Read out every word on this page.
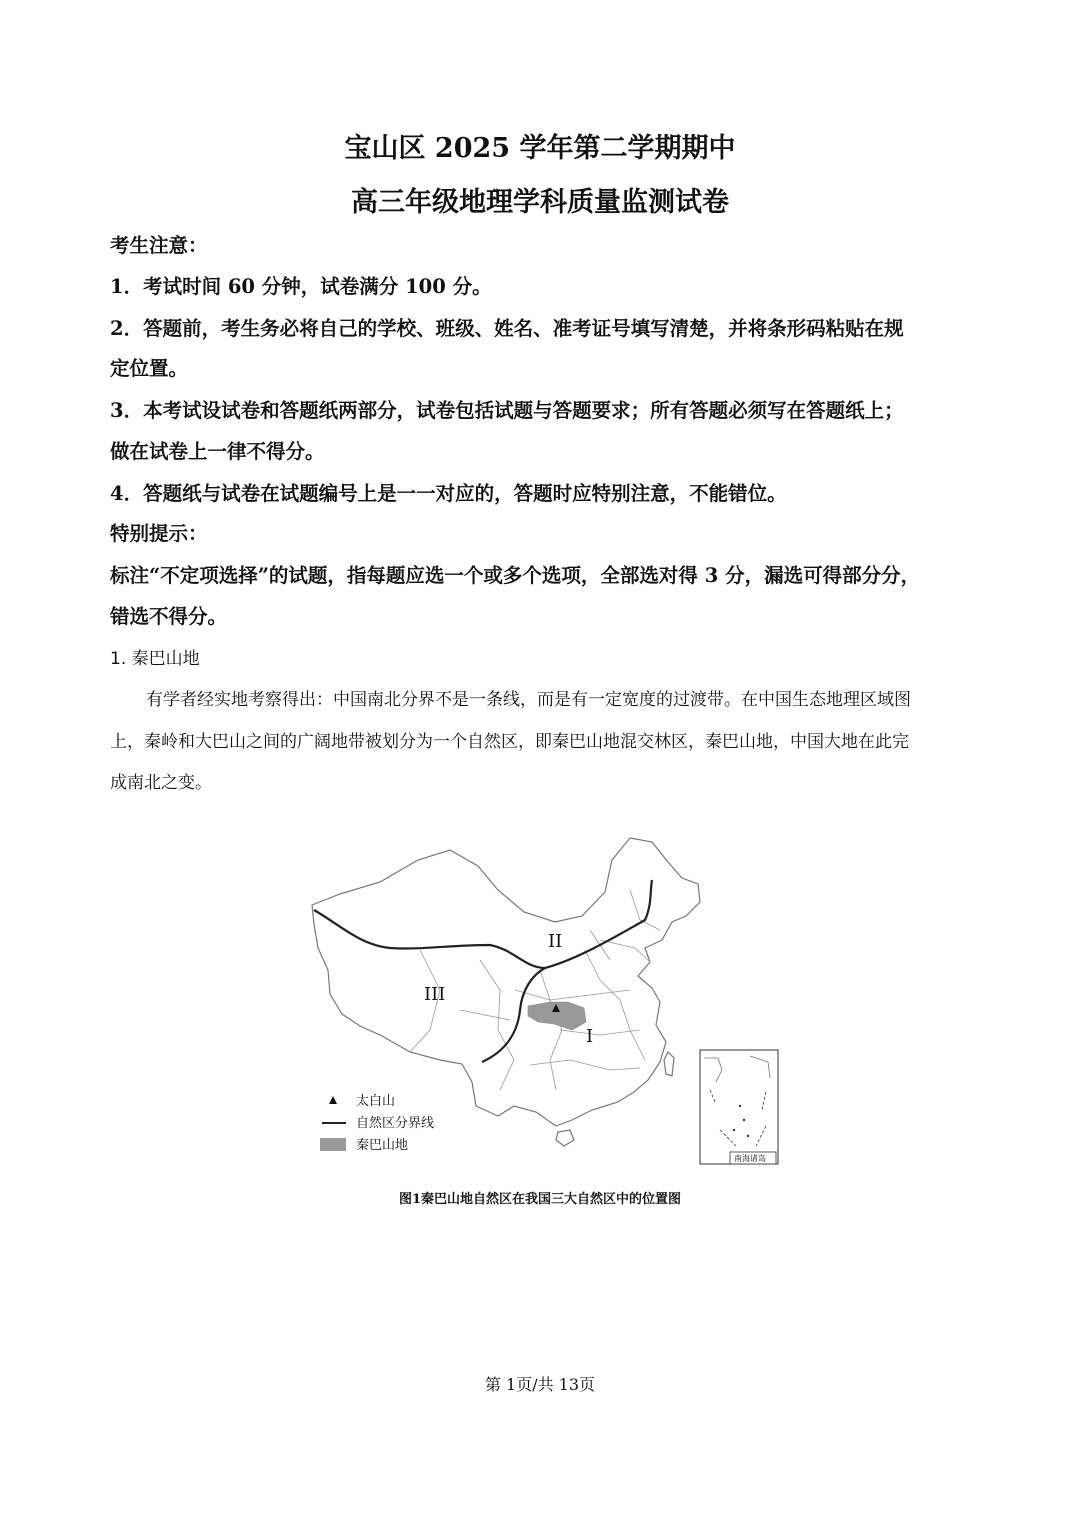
宝山区 2025 学年第二学期期中
高三年级地理学科质量监测试卷
考生注意：
1．考试时间 60 分钟，试卷满分 100 分。
2．答题前，考生务必将自己的学校、班级、姓名、准考证号填写清楚，并将条形码粘贴在规
定位置。
3．本考试设试卷和答题纸两部分，试卷包括试题与答题要求；所有答题必须写在答题纸上；
做在试卷上一律不得分。
4．答题纸与试卷在试题编号上是一一对应的，答题时应特别注意，不能错位。
特别提示：
标注“不定项选择”的试题，指每题应选一个或多个选项，全部选对得 3 分，漏选可得部分分，
错选不得分。
1. 秦巴山地
有学者经实地考察得出：中国南北分界不是一条线，而是有一定宽度的过渡带。在中国生态地理区域图
上，秦岭和大巴山之间的广阔地带被划分为一个自然区，即秦巴山地混交林区，秦巴山地，中国大地在此完
成南北之变。
II
III
I
南海诸岛
太白山
自然区分界线
秦巴山地
图1秦巴山地自然区在我国三大自然区中的位置图
第 1页/共 13页
